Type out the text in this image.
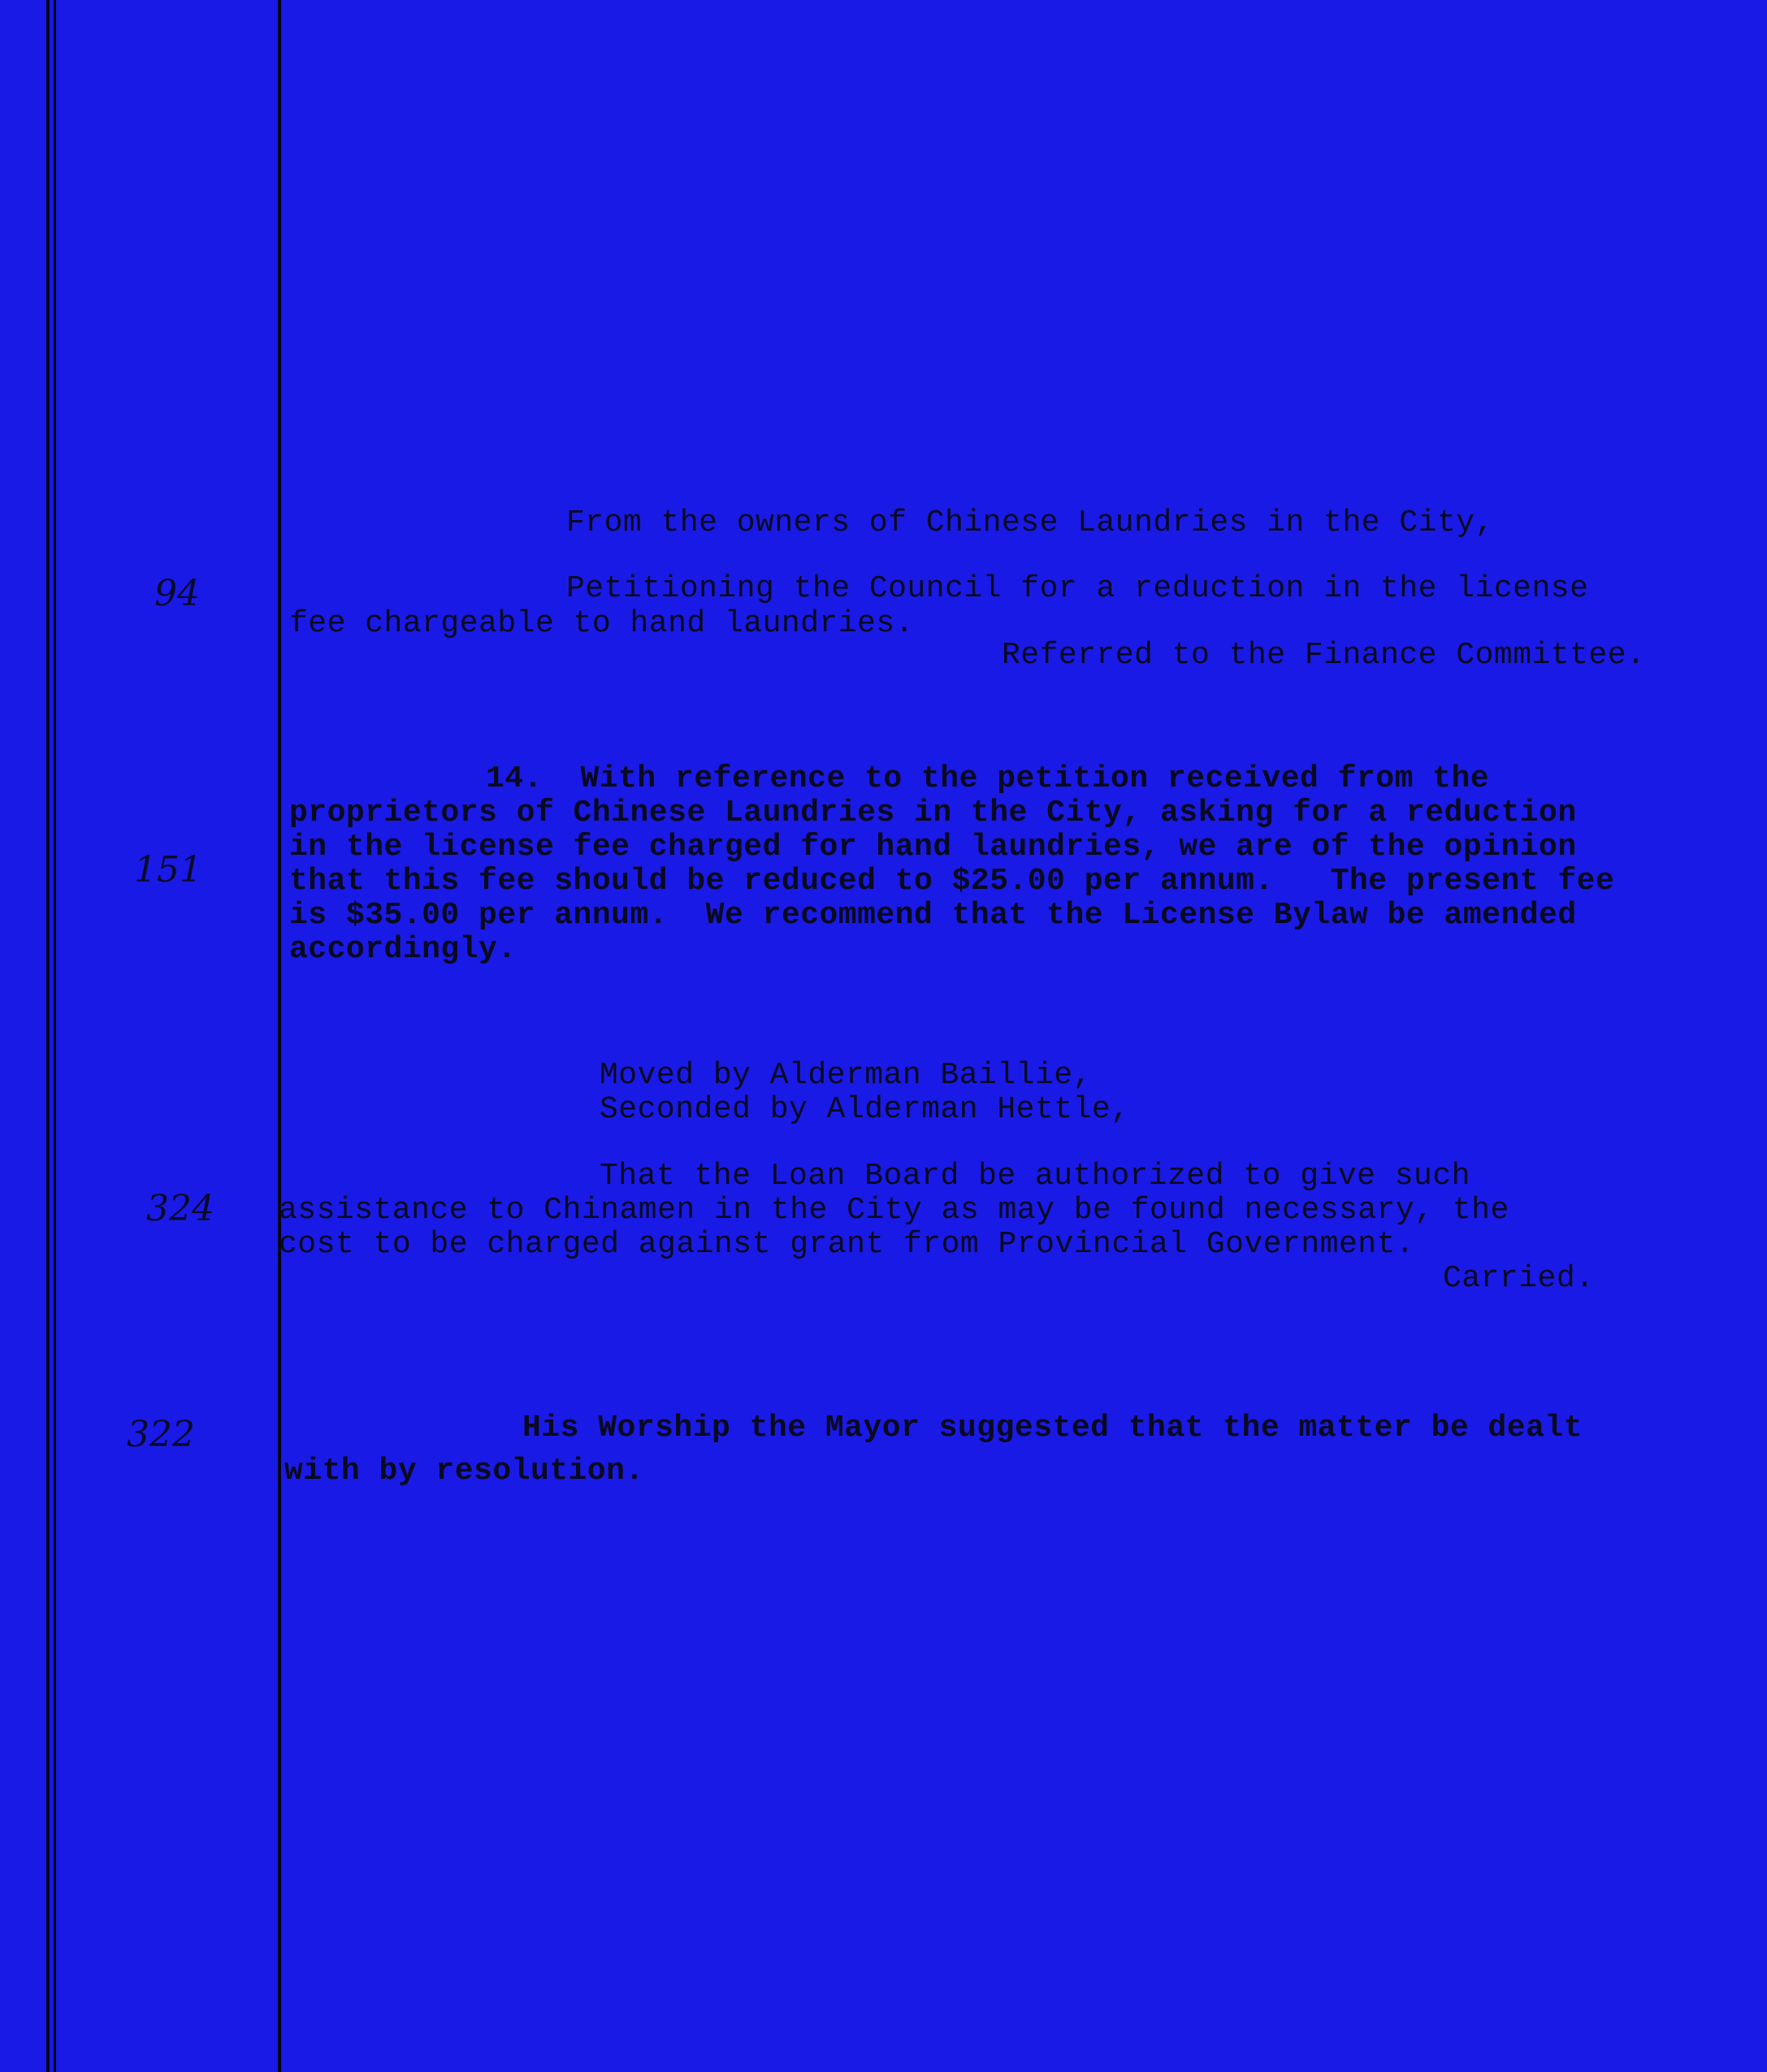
94
151
324
322
From the owners of Chinese Laundries in the City,
Petitioning the Council for a reduction in the license
fee chargeable to hand laundries.
Referred to the Finance Committee.
14.  With reference to the petition received from the
proprietors of Chinese Laundries in the City, asking for a reduction
in the license fee charged for hand laundries, we are of the opinion
that this fee should be reduced to $25.00 per annum.   The present fee
is $35.00 per annum.  We recommend that the License Bylaw be amended
accordingly.
Moved by Alderman Baillie,
Seconded by Alderman Hettle,
That the Loan Board be authorized to give such
assistance to Chinamen in the City as may be found necessary, the
cost to be charged against grant from Provincial Government.
Carried.
His Worship the Mayor suggested that the matter be dealt
with by resolution.
